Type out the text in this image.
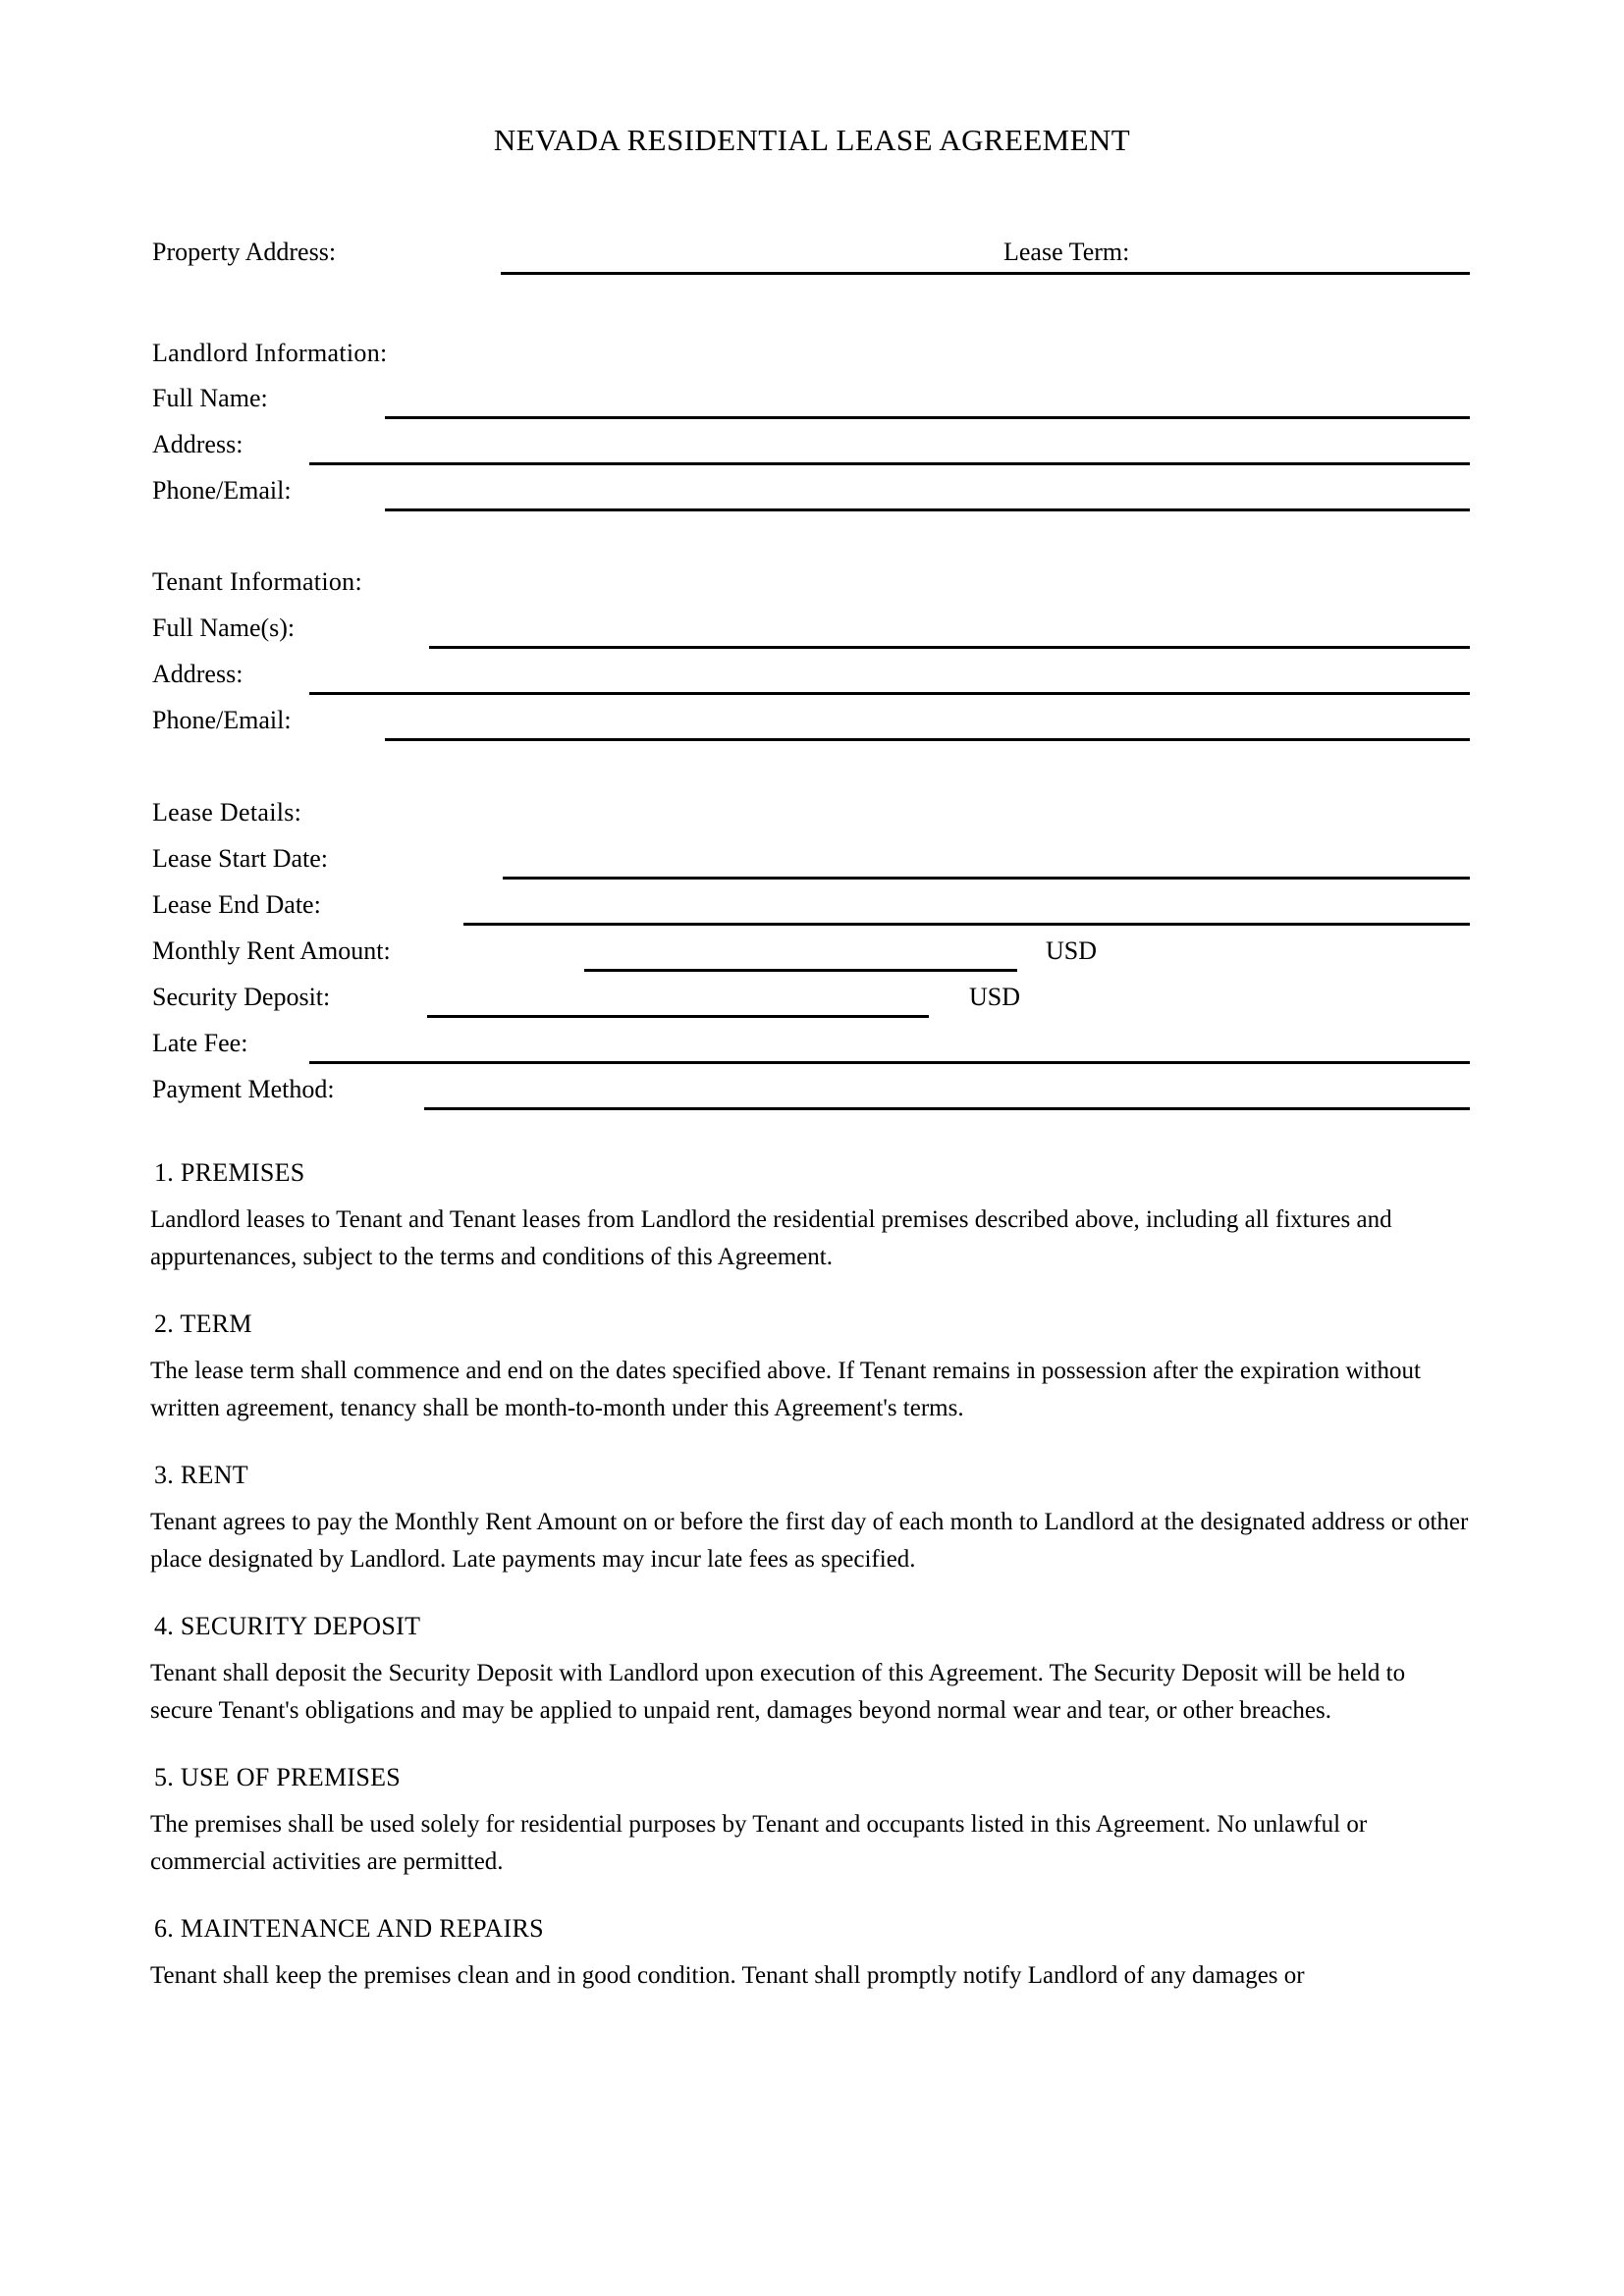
NEVADA RESIDENTIAL LEASE AGREEMENT
Property Address:	Lease Term:
Landlord Information:
Full Name:
Address:
Phone/Email:
Tenant Information:
Full Name(s):
Address:
Phone/Email:
Lease Details:
Lease Start Date:
Lease End Date:
Monthly Rent Amount:	USD
Security Deposit:	USD
Late Fee:
Payment Method:
1. PREMISES

Landlord leases to Tenant and Tenant leases from Landlord the residential premises described above, including all fixtures and appurtenances, subject to the terms and conditions of this Agreement.

2. TERM

The lease term shall commence and end on the dates specified above. If Tenant remains in possession after the expiration without written agreement, tenancy shall be month-to-month under this Agreement's terms.

3. RENT

Tenant agrees to pay the Monthly Rent Amount on or before the first day of each month to Landlord at the designated address or other place designated by Landlord. Late payments may incur late fees as specified.

4. SECURITY DEPOSIT

Tenant shall deposit the Security Deposit with Landlord upon execution of this Agreement. The Security Deposit will be held to secure Tenant's obligations and may be applied to unpaid rent, damages beyond normal wear and tear, or other breaches.

5. USE OF PREMISES

The premises shall be used solely for residential purposes by Tenant and occupants listed in this Agreement. No unlawful or commercial activities are permitted.

6. MAINTENANCE AND REPAIRS

Tenant shall keep the premises clean and in good condition. Tenant shall promptly notify Landlord of any damages or
